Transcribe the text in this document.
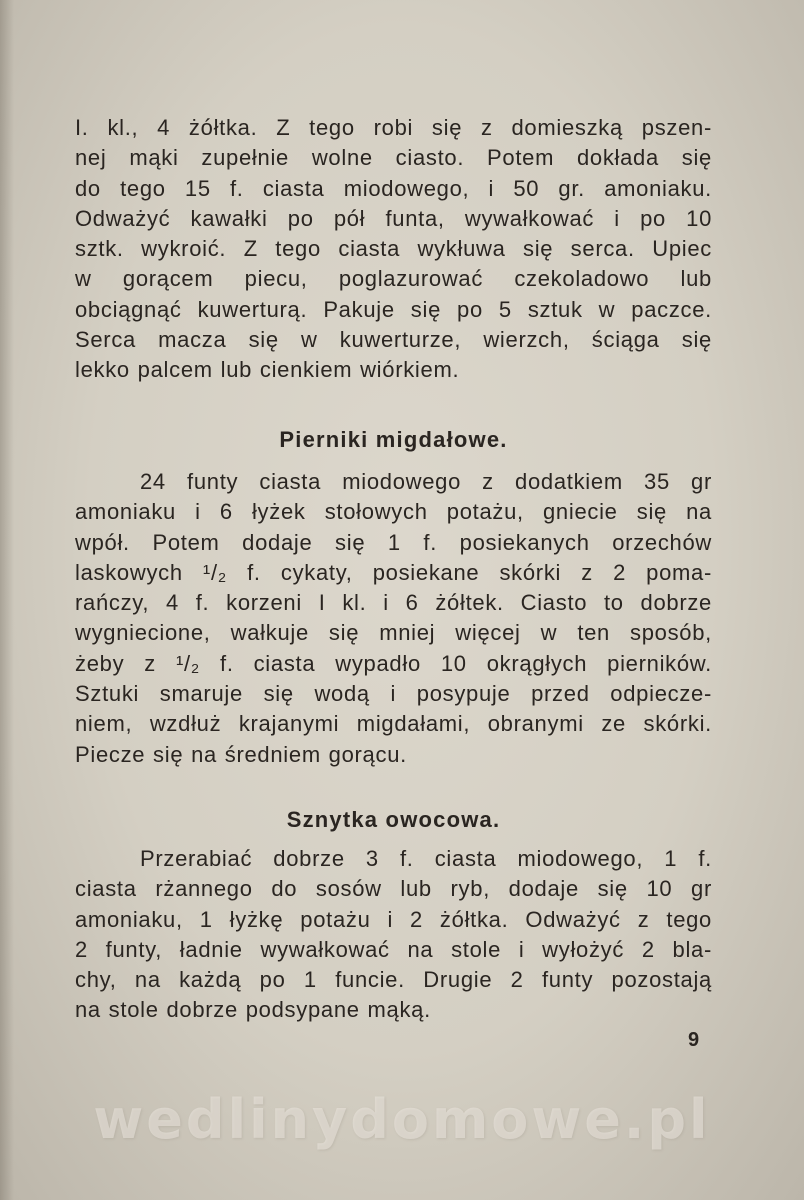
I. kl., 4 żółtka. Z tego robi się z domieszką pszen-
nej mąki zupełnie wolne ciasto. Potem dokłada się
do tego 15 f. ciasta miodowego, i 50 gr. amoniaku.
Odważyć kawałki po pół funta, wywałkować i po 10
sztk. wykroić. Z tego ciasta wykłuwa się serca. Upiec
w gorącem piecu, poglazurować czekoladowo lub
obciągnąć kuwerturą. Pakuje się po 5 sztuk w paczce.
Serca macza się w kuwerturze, wierzch, ściąga się
lekko palcem lub cienkiem wiórkiem.
Pierniki migdałowe.
24 funty ciasta miodowego z dodatkiem 35 gr
amoniaku i 6 łyżek stołowych potażu, gniecie się na
wpół. Potem dodaje się 1 f. posiekanych orzechów
laskowych ¹/₂ f. cykaty, posiekane skórki z 2 poma-
rańczy, 4 f. korzeni I kl. i 6 żółtek. Ciasto to dobrze
wygniecione, wałkuje się mniej więcej w ten sposób,
żeby z ¹/₂ f. ciasta wypadło 10 okrągłych pierników.
Sztuki smaruje się wodą i posypuje przed odpiecze-
niem, wzdłuż krajanymi migdałami, obranymi ze skórki.
Piecze się na średniem gorącu.
Sznytka owocowa.
Przerabiać dobrze 3 f. ciasta miodowego, 1 f.
ciasta rżannego do sosów lub ryb, dodaje się 10 gr
amoniaku, 1 łyżkę potażu i 2 żółtka. Odważyć z tego
2 funty, ładnie wywałkować na stole i wyłożyć 2 bla-
chy, na każdą po 1 funcie. Drugie 2 funty pozostają
na stole dobrze podsypane mąką.
9
wedlinydomowe.pl
